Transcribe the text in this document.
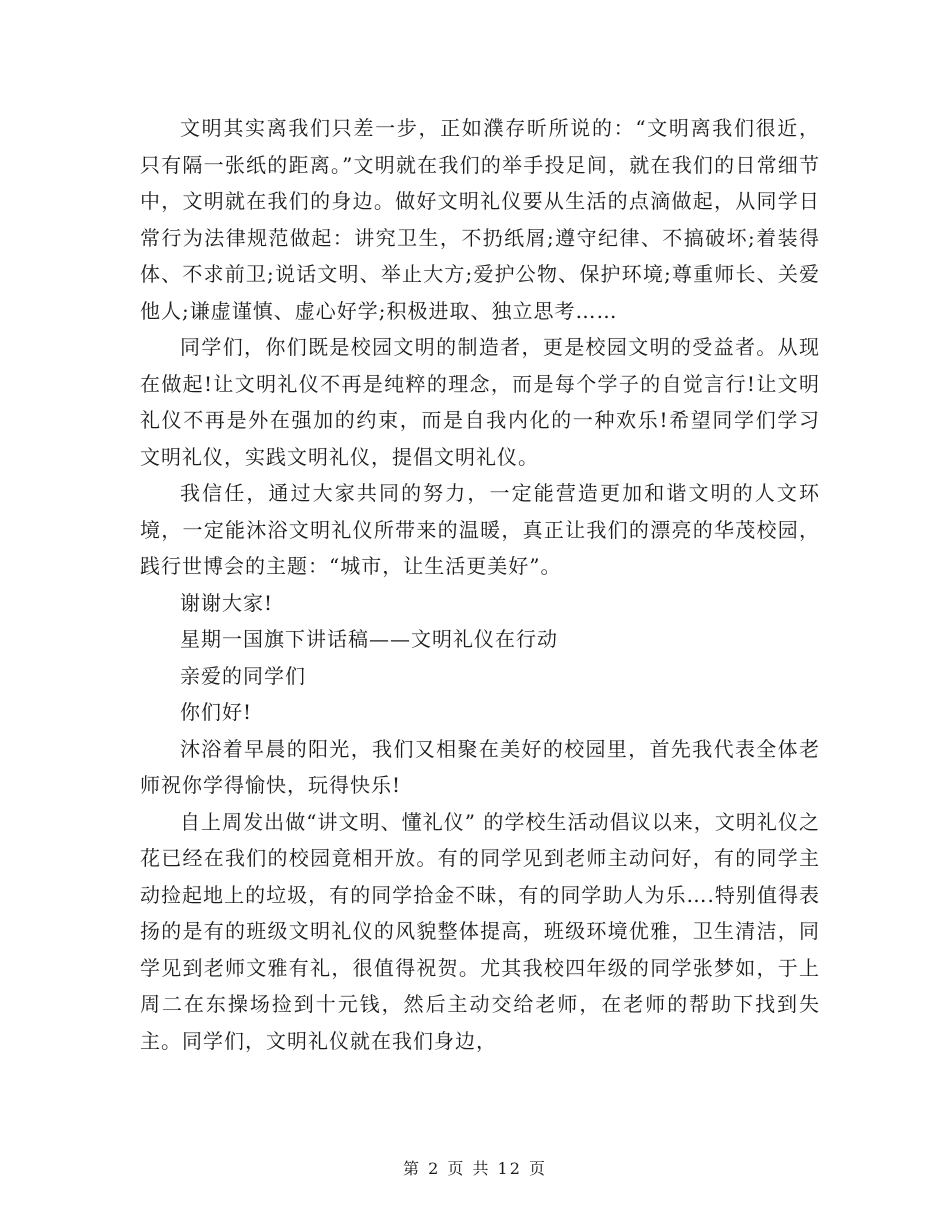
文明其实离我们只差一步，正如濮存昕所说的：“文明离我们很近，只有隔一张纸的距离。”文明就在我们的举手投足间，就在我们的日常细节中，文明就在我们的身边。做好文明礼仪要从生活的点滴做起，从同学日常行为法律规范做起：讲究卫生，不扔纸屑;遵守纪律、不搞破坏;着装得体、不求前卫;说话文明、举止大方;爱护公物、保护环境;尊重师长、关爱他人;谦虚谨慎、虚心好学;积极进取、独立思考……

同学们，你们既是校园文明的制造者，更是校园文明的受益者。从现在做起!让文明礼仪不再是纯粹的理念，而是每个学子的自觉言行!让文明礼仪不再是外在强加的约束，而是自我内化的一种欢乐!希望同学们学习文明礼仪，实践文明礼仪，提倡文明礼仪。

我信任，通过大家共同的努力，一定能营造更加和谐文明的人文环境，一定能沐浴文明礼仪所带来的温暖，真正让我们的漂亮的华茂校园，践行世博会的主题：“城市，让生活更美好”。

谢谢大家!

星期一国旗下讲话稿——文明礼仪在行动

亲爱的同学们

你们好!

沐浴着早晨的阳光，我们又相聚在美好的校园里，首先我代表全体老师祝你学得愉快，玩得快乐!

自上周发出做“讲文明、懂礼仪” 的学校生活动倡议以来，文明礼仪之花已经在我们的校园竟相开放。有的同学见到老师主动问好，有的同学主动捡起地上的垃圾，有的同学拾金不昧，有的同学助人为乐….特别值得表扬的是有的班级文明礼仪的风貌整体提高，班级环境优雅，卫生清洁，同学见到老师文雅有礼，很值得祝贺。尤其我校四年级的同学张梦如，于上周二在东操场捡到十元钱，然后主动交给老师，在老师的帮助下找到失主。同学们，文明礼仪就在我们身边，

第 2 页 共 12 页
